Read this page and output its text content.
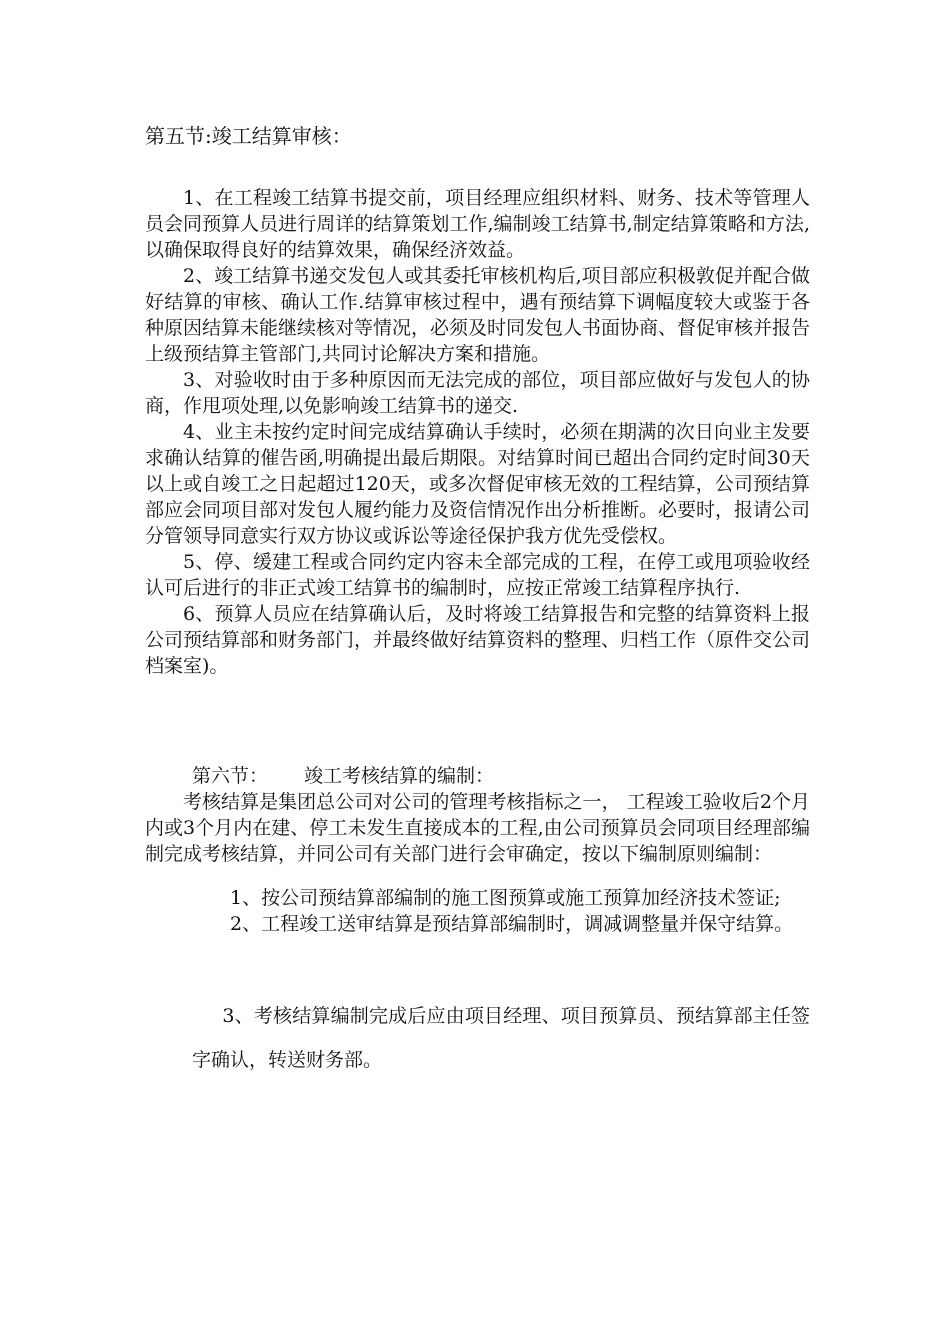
第五节:竣工结算审核：

1、在工程竣工结算书提交前，项目经理应组织材料、财务、技术等管理人员会同预算人员进行周详的结算策划工作,编制竣工结算书,制定结算策略和方法,以确保取得良好的结算效果，确保经济效益。

2、竣工结算书递交发包人或其委托审核机构后,项目部应积极敦促并配合做好结算的审核、确认工作.结算审核过程中，遇有预结算下调幅度较大或鉴于各种原因结算未能继续核对等情况，必须及时同发包人书面协商、督促审核并报告上级预结算主管部门,共同讨论解决方案和措施。

3、对验收时由于多种原因而无法完成的部位，项目部应做好与发包人的协商，作甩项处理,以免影响竣工结算书的递交.

4、业主未按约定时间完成结算确认手续时，必须在期满的次日向业主发要求确认结算的催告函,明确提出最后期限。对结算时间已超出合同约定时间30天以上或自竣工之日起超过120天，或多次督促审核无效的工程结算，公司预结算部应会同项目部对发包人履约能力及资信情况作出分析推断。必要时，报请公司分管领导同意实行双方协议或诉讼等途径保护我方优先受偿权。

5、停、缓建工程或合同约定内容未全部完成的工程，在停工或甩项验收经认可后进行的非正式竣工结算书的编制时，应按正常竣工结算程序执行.

6、预算人员应在结算确认后，及时将竣工结算报告和完整的结算资料上报公司预结算部和财务部门，并最终做好结算资料的整理、归档工作（原件交公司档案室)。

第六节： 竣工考核结算的编制：

考核结算是集团总公司对公司的管理考核指标之一， 工程竣工验收后2个月内或3个月内在建、停工未发生直接成本的工程,由公司预算员会同项目经理部编制完成考核结算，并同公司有关部门进行会审确定，按以下编制原则编制：

1、按公司预结算部编制的施工图预算或施工预算加经济技术签证;

2、工程竣工送审结算是预结算部编制时，调减调整量并保守结算。

3、考核结算编制完成后应由项目经理、项目预算员、预结算部主任签字确认，转送财务部。
